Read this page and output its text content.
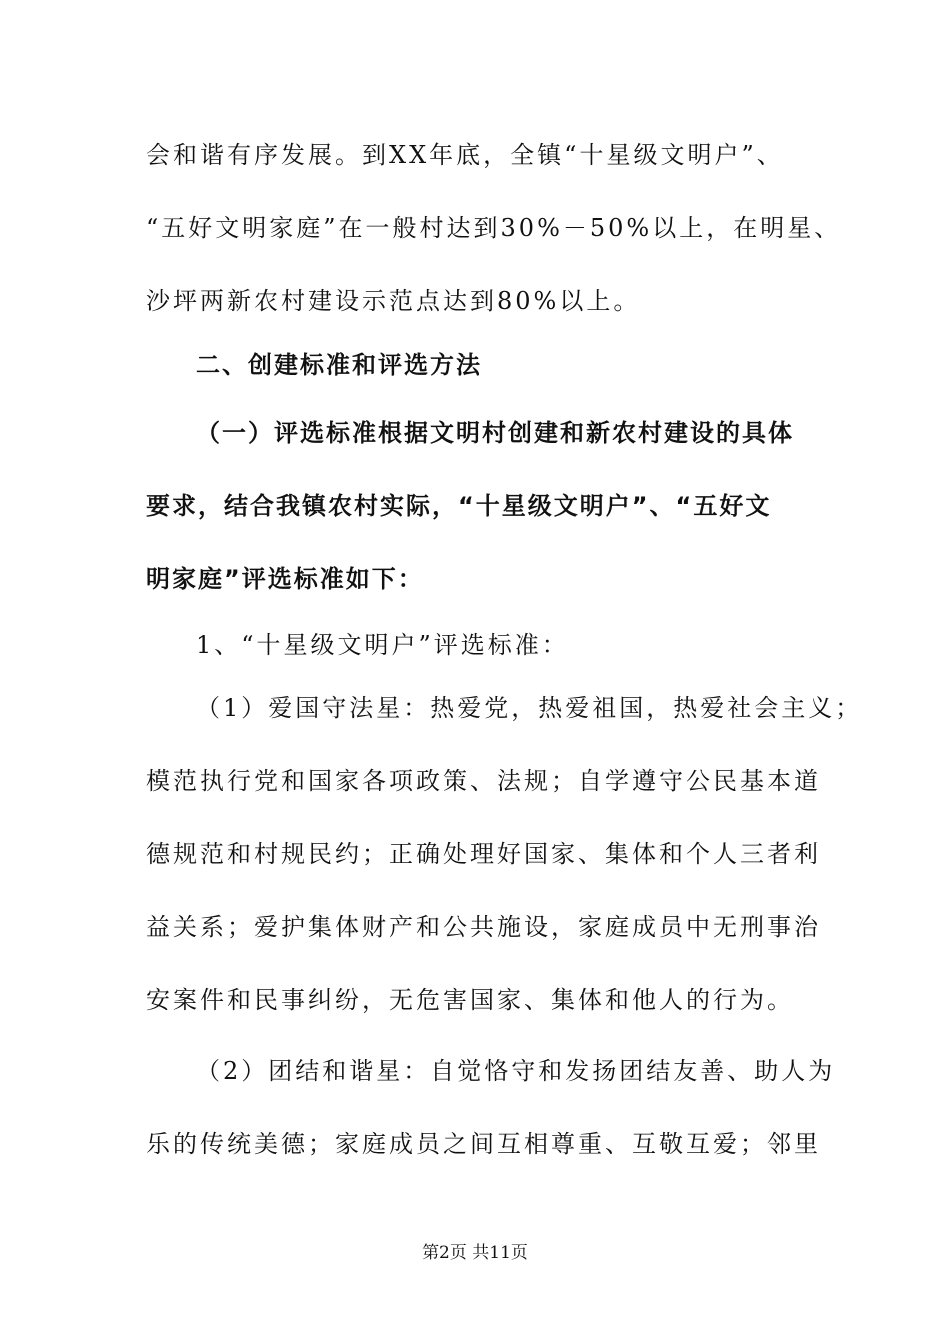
会和谐有序发展。到XX年底，全镇“十星级文明户”、
“五好文明家庭”在一般村达到30%－50%以上，在明星、
沙坪两新农村建设示范点达到80%以上。
二、创建标准和评选方法
（一）评选标准根据文明村创建和新农村建设的具体
要求，结合我镇农村实际，“十星级文明户”、“五好文
明家庭”评选标准如下：
1、“十星级文明户”评选标准：
（1）爱国守法星：热爱党，热爱祖国，热爱社会主义；
模范执行党和国家各项政策、法规；自学遵守公民基本道
德规范和村规民约；正确处理好国家、集体和个人三者利
益关系；爱护集体财产和公共施设，家庭成员中无刑事治
安案件和民事纠纷，无危害国家、集体和他人的行为。
（2）团结和谐星：自觉恪守和发扬团结友善、助人为
乐的传统美德；家庭成员之间互相尊重、互敬互爱；邻里
第2页 共11页
